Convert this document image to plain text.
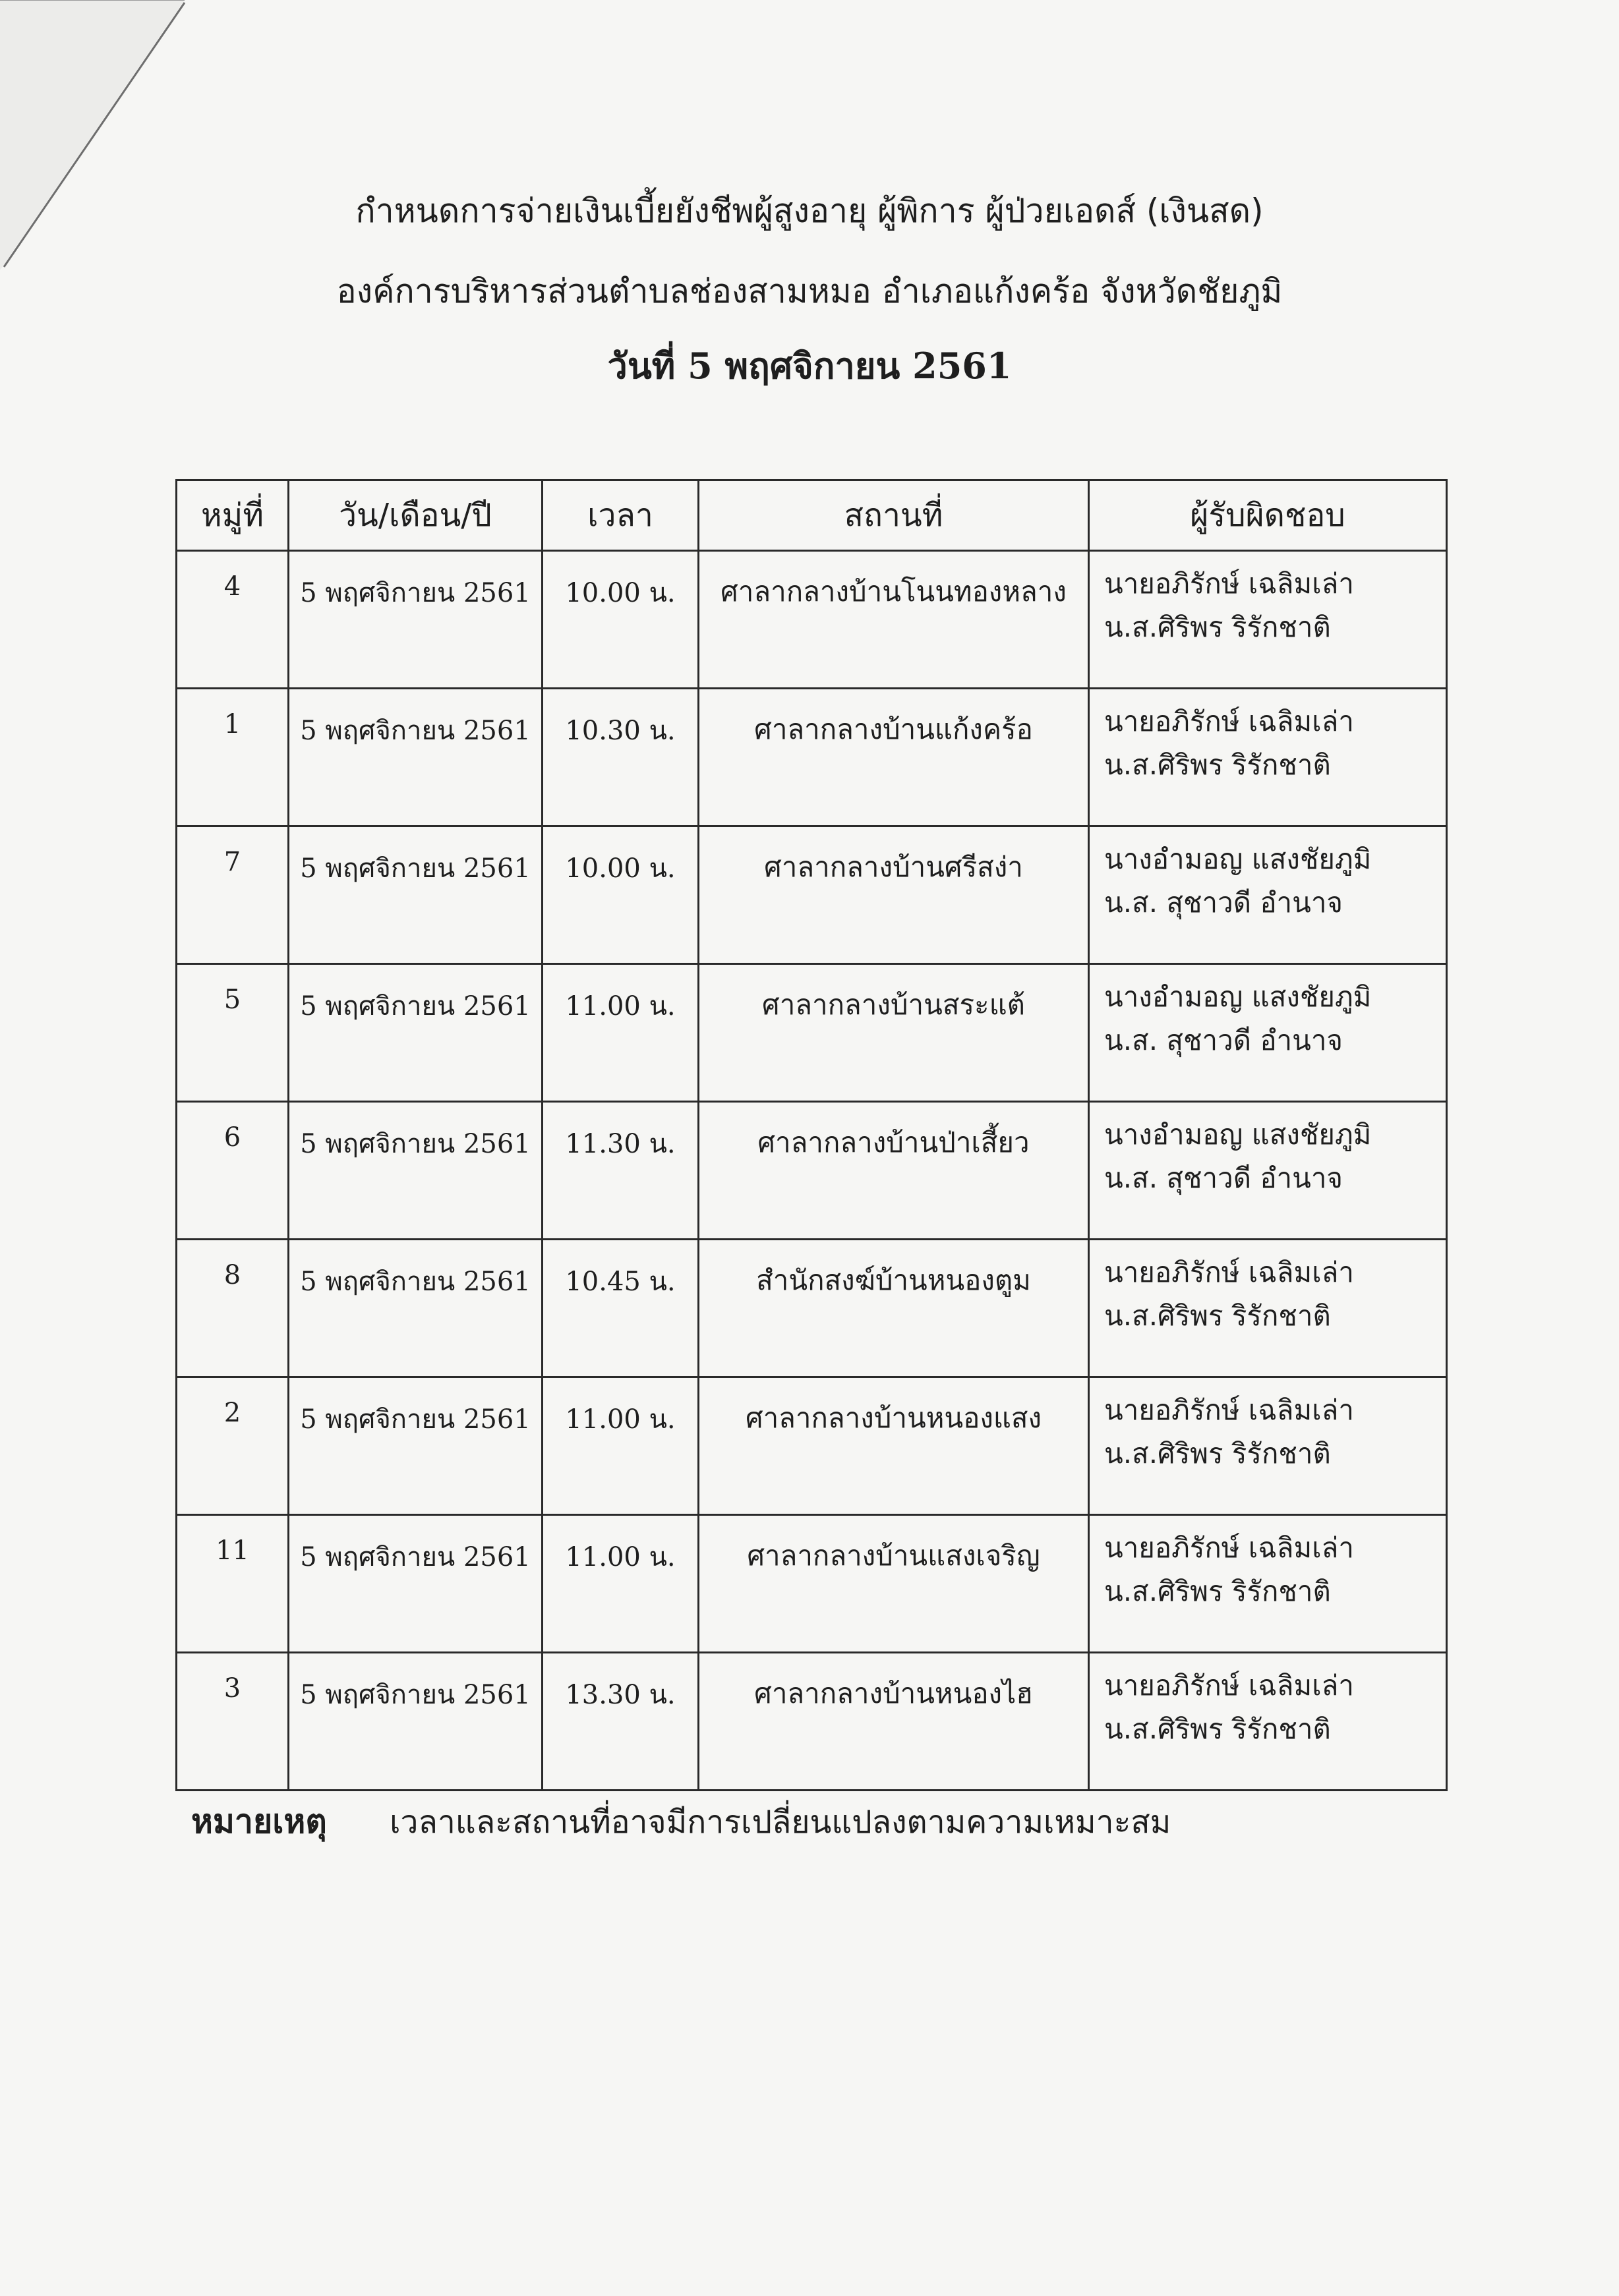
กำหนดการจ่ายเงินเบี้ยยังชีพผู้สูงอายุ ผู้พิการ ผู้ป่วยเอดส์ (เงินสด)
องค์การบริหารส่วนตำบลช่องสามหมอ อำเภอแก้งคร้อ จังหวัดชัยภูมิ
วันที่ 5 พฤศจิกายน 2561
หมู่ที่	วัน/เดือน/ปี	เวลา	สถานที่	ผู้รับผิดชอบ
4	5 พฤศจิกายน 2561	10.00 น.	ศาลากลางบ้านโนนทองหลาง	นายอภิรักษ์ เฉลิมเล่า
น.ส.ศิริพร ริรักชาติ

1	5 พฤศจิกายน 2561	10.30 น.	ศาลากลางบ้านแก้งคร้อ	นายอภิรักษ์ เฉลิมเล่า
น.ส.ศิริพร ริรักชาติ

7	5 พฤศจิกายน 2561	10.00 น.	ศาลากลางบ้านศรีสง่า	นางอำมอญ แสงชัยภูมิ
น.ส. สุชาวดี อำนาจ

5	5 พฤศจิกายน 2561	11.00 น.	ศาลากลางบ้านสระแต้	นางอำมอญ แสงชัยภูมิ
น.ส. สุชาวดี อำนาจ

6	5 พฤศจิกายน 2561	11.30 น.	ศาลากลางบ้านป่าเสี้ยว	นางอำมอญ แสงชัยภูมิ
น.ส. สุชาวดี อำนาจ

8	5 พฤศจิกายน 2561	10.45 น.	สำนักสงฆ์บ้านหนองตูม	นายอภิรักษ์ เฉลิมเล่า
น.ส.ศิริพร ริรักชาติ

2	5 พฤศจิกายน 2561	11.00 น.	ศาลากลางบ้านหนองแสง	นายอภิรักษ์ เฉลิมเล่า
น.ส.ศิริพร ริรักชาติ

11	5 พฤศจิกายน 2561	11.00 น.	ศาลากลางบ้านแสงเจริญ	นายอภิรักษ์ เฉลิมเล่า
น.ส.ศิริพร ริรักชาติ

3	5 พฤศจิกายน 2561	13.30 น.	ศาลากลางบ้านหนองไฮ	นายอภิรักษ์ เฉลิมเล่า
น.ส.ศิริพร ริรักชาติ
หมายเหตุ เวลาและสถานที่อาจมีการเปลี่ยนแปลงตามความเหมาะสม
